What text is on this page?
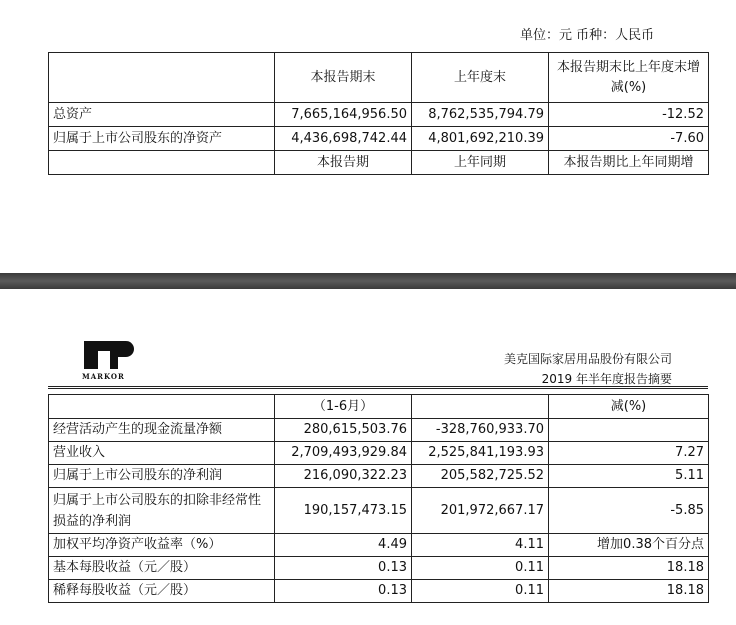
单位：元 币种：人民币
	本报告期末	上年度末	本报告期末比上年度末增减(%)
总资产	7,665,164,956.50	8,762,535,794.79	-12.52
归属于上市公司股东的净资产	4,436,698,742.44	4,801,692,210.39	-7.60
	本报告期	上年同期	本报告期比上年同期增
MARKOR
美克国际家居用品股份有限公司
2019 年半年度报告摘要
	（1-6月）		减(%)
经营活动产生的现金流量净额	280,615,503.76	-328,760,933.70	
营业收入	2,709,493,929.84	2,525,841,193.93	7.27
归属于上市公司股东的净利润	216,090,322.23	205,582,725.52	5.11
归属于上市公司股东的扣除非经常性损益的净利润	190,157,473.15	201,972,667.17	-5.85
加权平均净资产收益率（%）	4.49	4.11	增加0.38个百分点
基本每股收益（元／股）	0.13	0.11	18.18
稀释每股收益（元／股）	0.13	0.11	18.18
